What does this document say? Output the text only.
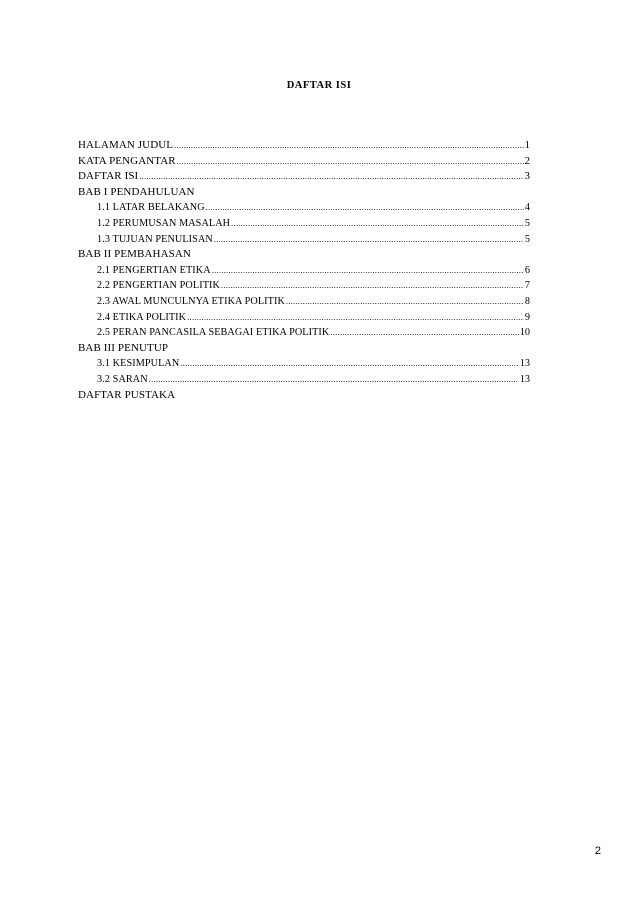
DAFTAR ISI
HALAMAN JUDUL .....	1
KATA PENGANTAR .....	2
DAFTAR ISI .....	3
BAB I PENDAHULUAN
1.1 LATAR BELAKANG .....	4
1.2 PERUMUSAN MASALAH .....	5
1.3 TUJUAN PENULISAN .....	5
BAB II PEMBAHASAN
2.1 PENGERTIAN ETIKA .....	6
2.2 PENGERTIAN POLITIK .....	7
2.3 AWAL MUNCULNYA ETIKA POLITIK .....	8
2.4 ETIKA POLITIK .....	9
2.5 PERAN PANCASILA SEBAGAI ETIKA POLITIK .....	10
BAB III PENUTUP
3.1 KESIMPULAN .....	13
3.2 SARAN .....	13
DAFTAR PUSTAKA
2
